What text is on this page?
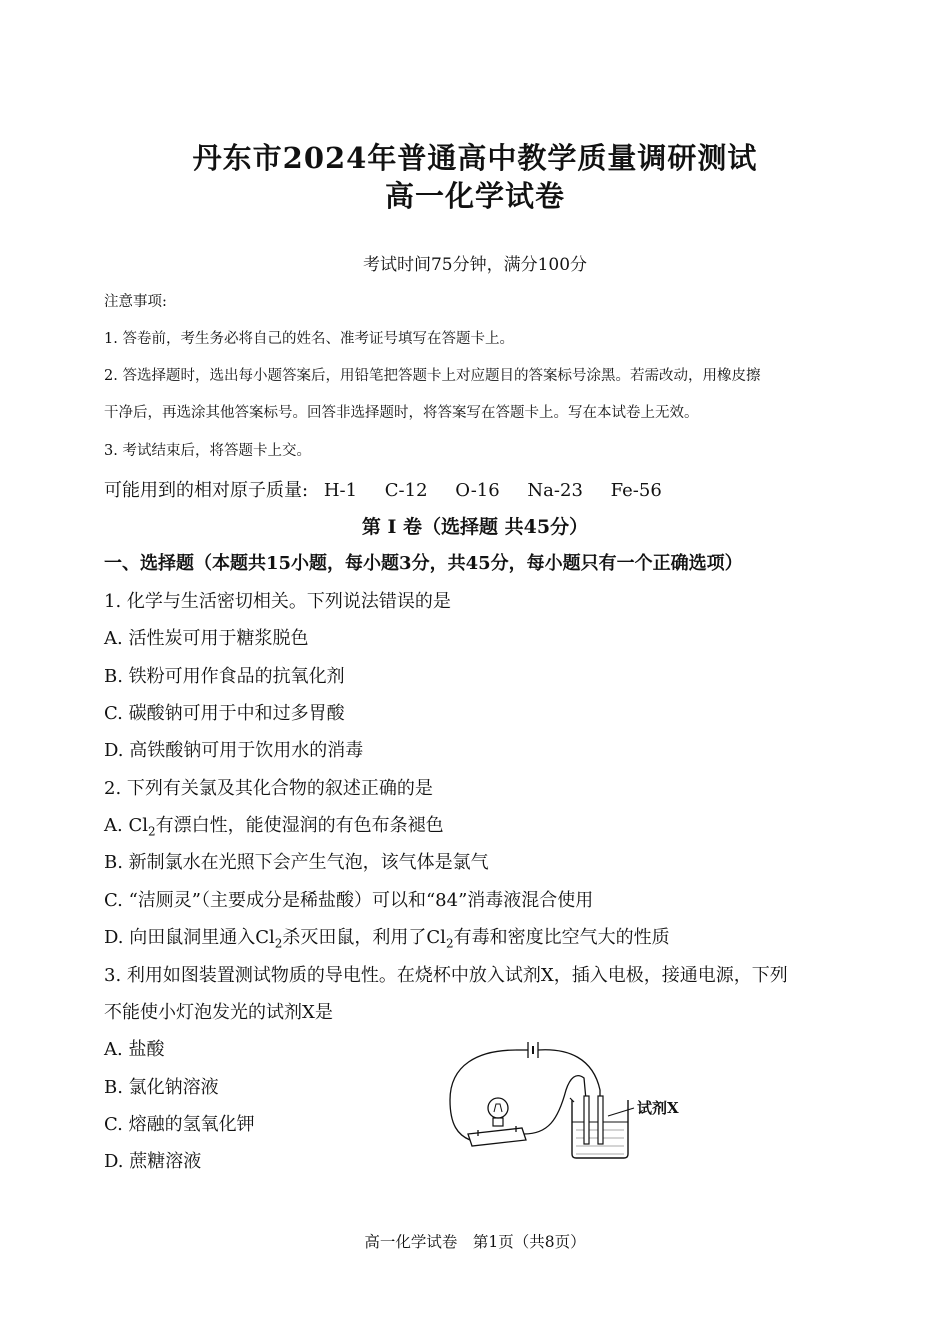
丹东市2024年普通高中教学质量调研测试
高一化学试卷
考试时间75分钟，满分100分
注意事项:
1. 答卷前，考生务必将自己的姓名、准考证号填写在答题卡上。
2. 答选择题时，选出每小题答案后，用铅笔把答题卡上对应题目的答案标号涂黑。若需改动，用橡皮擦
干净后，再选涂其他答案标号。回答非选择题时，将答案写在答题卡上。写在本试卷上无效。
3. 考试结束后，将答题卡上交。
可能用到的相对原子质量: H-1 C-12 O-16 Na-23 Fe-56
第 Ⅰ 卷（选择题 共45分）
一、选择题（本题共15小题，每小题3分，共45分，每小题只有一个正确选项）
1. 化学与生活密切相关。下列说法错误的是
A. 活性炭可用于糖浆脱色
B. 铁粉可用作食品的抗氧化剂
C. 碳酸钠可用于中和过多胃酸
D. 高铁酸钠可用于饮用水的消毒
2. 下列有关氯及其化合物的叙述正确的是
A. $Cl_2$有漂白性，能使湿润的有色布条褪色
B. 新制氯水在光照下会产生气泡，该气体是氯气
C. “洁厕灵”（主要成分是稀盐酸）可以和“84”消毒液混合使用
D. 向田鼠洞里通入$Cl_2$杀灭田鼠，利用了$Cl_2$有毒和密度比空气大的性质
3. 利用如图装置测试物质的导电性。在烧杯中放入试剂X，插入电极，接通电源，下列
不能使小灯泡发光的试剂X是
A. 盐酸
B. 氯化钠溶液
C. 熔融的氢氧化钾
D. 蔗糖溶液
试剂X
高一化学试卷　第1页（共8页）
